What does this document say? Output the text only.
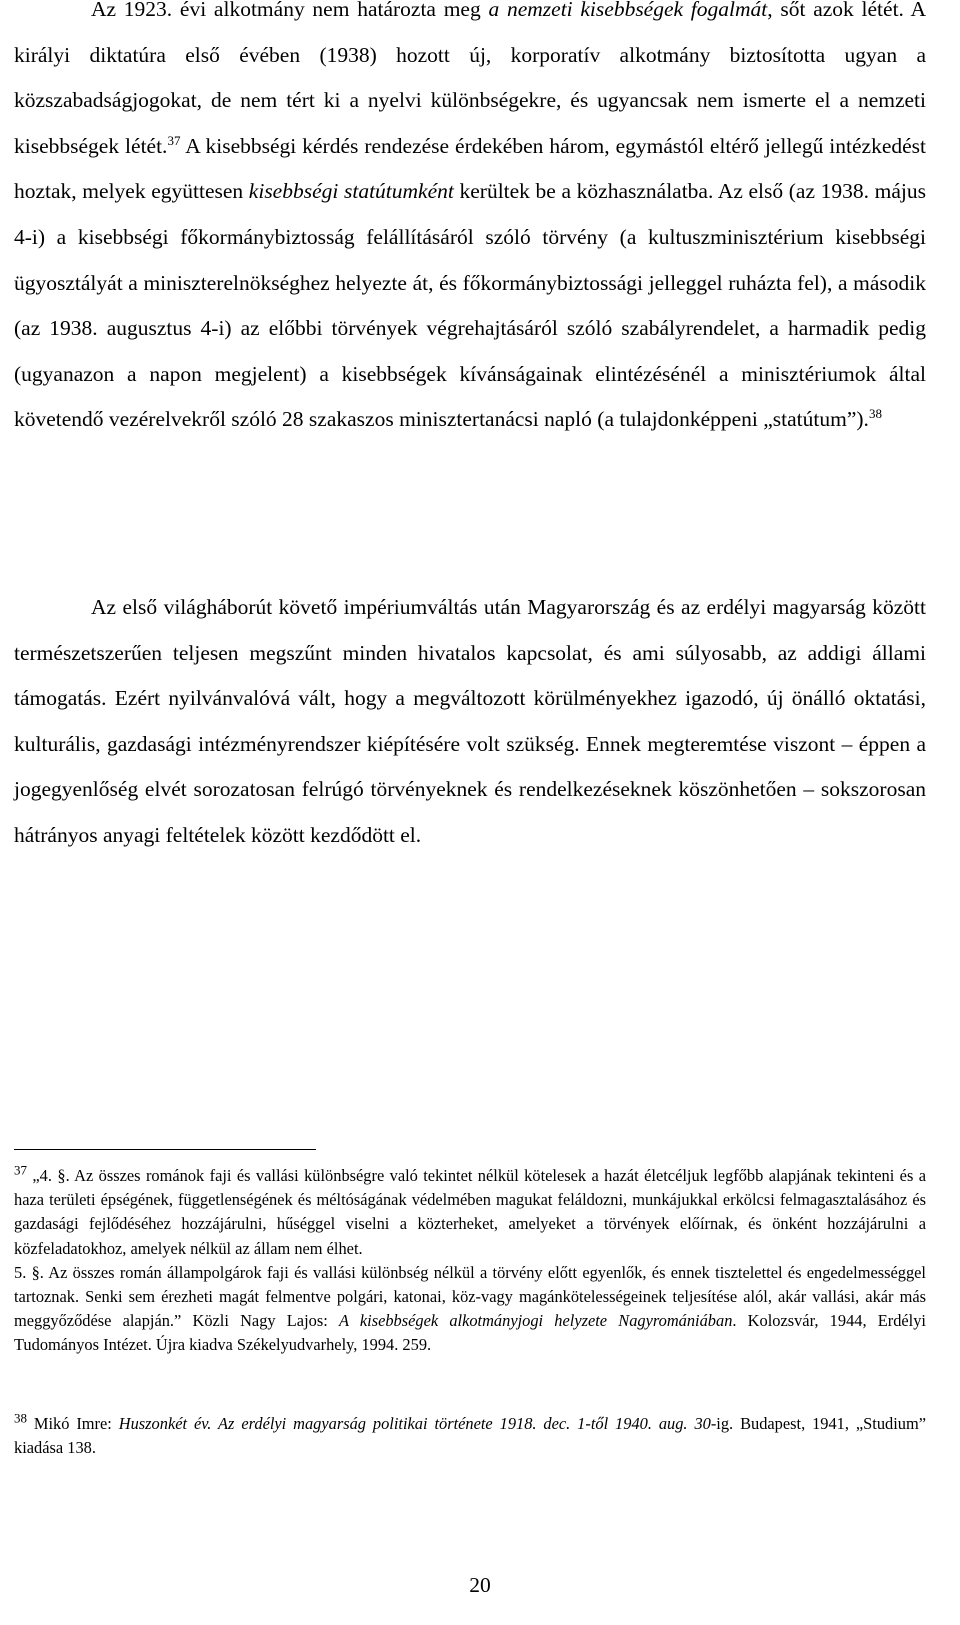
Az 1923. évi alkotmány nem határozta meg a nemzeti kisebbségek fogalmát, sőt azok létét. A királyi diktatúra első évében (1938) hozott új, korporatív alkotmány biztosította ugyan a közszabadságjogokat, de nem tért ki a nyelvi különbségekre, és ugyancsak nem ismerte el a nemzeti kisebbségek létét.$^{37}$ A kisebbségi kérdés rendezése érdekében három, egymástól eltérő jellegű intézkedést hoztak, melyek együttesen kisebbségi statútumként kerültek be a közhasználatba. Az első (az 1938. május 4-i) a kisebbségi főkormánybiztosság felállításáról szóló törvény (a kultuszminisztérium kisebbségi ügyosztályát a miniszterelnökséghez helyezte át, és főkormánybiztossági jelleggel ruházta fel), a második (az 1938. augusztus 4-i) az előbbi törvények végrehajtásáról szóló szabályrendelet, a harmadik pedig (ugyanazon a napon megjelent) a kisebbségek kívánságainak elintézésénél a minisztériumok által követendő vezérelvekről szóló 28 szakaszos minisztertanácsi napló (a tulajdonképpeni „statútum”).$^{38}$

Az első világháborút követő impériumváltás után Magyarország és az erdélyi magyarság között természetszerűen teljesen megszűnt minden hivatalos kapcsolat, és ami súlyosabb, az addigi állami támogatás. Ezért nyilvánvalóvá vált, hogy a megváltozott körülményekhez igazodó, új önálló oktatási, kulturális, gazdasági intézményrendszer kiépítésére volt szükség. Ennek megteremtése viszont – éppen a jogegyenlőség elvét sorozatosan felrúgó törvényeknek és rendelkezéseknek köszönhetően – sokszorosan hátrányos anyagi feltételek között kezdődött el.

$^{37}$ „4. §. Az összes románok faji és vallási különbségre való tekintet nélkül kötelesek a hazát életcéljuk legfőbb alapjának tekinteni és a haza területi épségének, függetlenségének és méltóságának védelmében magukat feláldozni, munkájukkal erkölcsi felmagasztalásához és gazdasági fejlődéséhez hozzájárulni, hűséggel viselni a közterheket, amelyeket a törvények előírnak, és önként hozzájárulni a közfeladatokhoz, amelyek nélkül az állam nem élhet.
5. §. Az összes román állampolgárok faji és vallási különbség nélkül a törvény előtt egyenlők, és ennek tisztelettel és engedelmességgel tartoznak. Senki sem érezheti magát felmentve polgári, katonai, köz-vagy magánkötelességeinek teljesítése alól, akár vallási, akár más meggyőződése alapján.” Közli Nagy Lajos: A kisebbségek alkotmányjogi helyzete Nagyromániában. Kolozsvár, 1944, Erdélyi Tudományos Intézet. Újra kiadva Székelyudvarhely, 1994. 259.

$^{38}$ Mikó Imre: Huszonkét év. Az erdélyi magyarság politikai története 1918. dec. 1-től 1940. aug. 30-ig. Budapest, 1941, „Studium” kiadása 138.

20
